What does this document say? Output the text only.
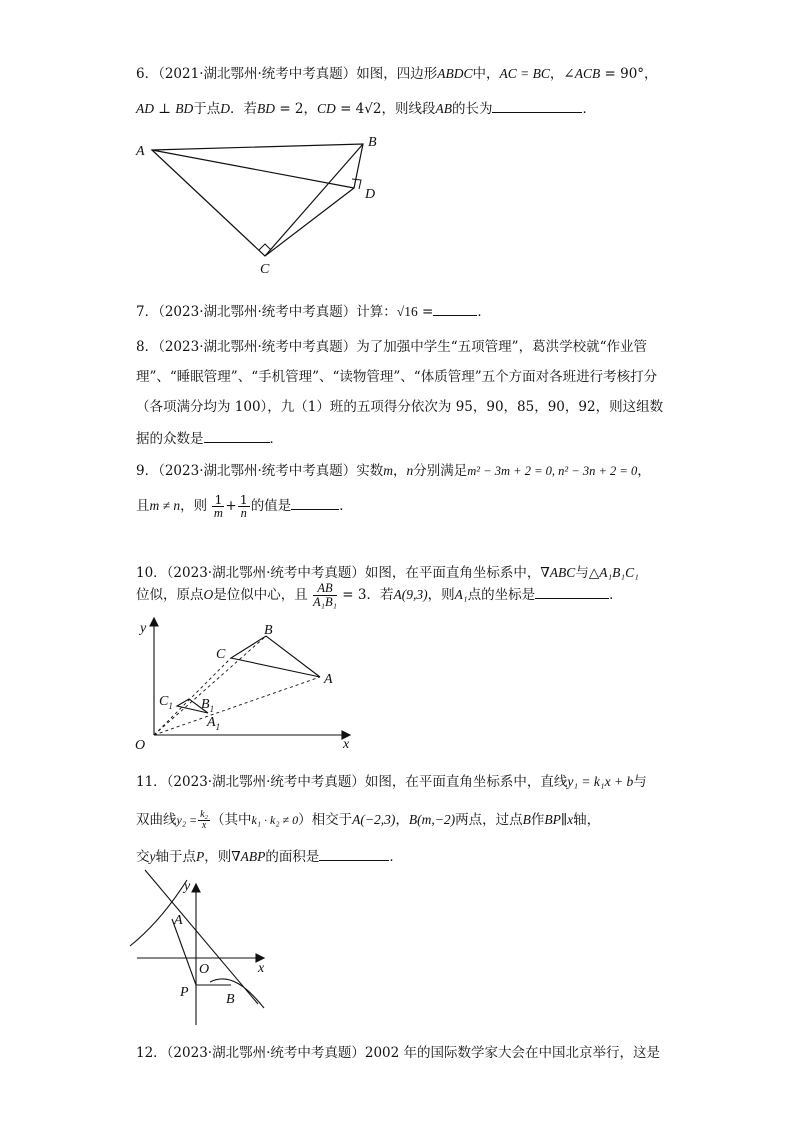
6．（2021·湖北鄂州·统考中考真题）如图，四边形ABDC中，AC = BC，∠ACB = 90°，
AD ⊥ BD于点D．若BD = 2，CD = 4√2，则线段AB的长为	．
A
B
D
C
7．（2023·湖北鄂州·统考中考真题）计算：√16 =	．
8．（2023·湖北鄂州·统考中考真题）为了加强中学生“五项管理”，葛洪学校就“作业管
理”、“睡眠管理”、“手机管理”、“读物管理”、“体质管理”五个方面对各班进行考核打分
（各项满分均为 100），九（1）班的五项得分依次为 95，90，85，90，92，则这组数
据的众数是	．
9．（2023·湖北鄂州·统考中考真题）实数m，n分别满足m² − 3m + 2 = 0, n² − 3n + 2 = 0，
且m ≠ n，则 $\frac{1}{m} + \frac{1}{n}$ 的值是	．
10．（2023·湖北鄂州·统考中考真题）如图，在平面直角坐标系中，∇ABC与△A₁B₁C₁
位似，原点O是位似中心，且 $\frac{AB}{\text{A₁B₁}} = 3$．若A(9,3)，则A₁点的坐标是	．
y
x
O
B
C
A
$C_1$ $B_1$
$A_1$
11．（2023·湖北鄂州·统考中考真题）如图，在平面直角坐标系中，直线y₁ = k₁x + b与
双曲线$y_2 = \frac{\text{k₂}}{x}$ （其中k₁ · k₂ ≠ 0）相交于A(−2,3)，B(m,−2)两点，过点B作BP∥x轴，
交y轴于点P，则∇ABP的面积是	．
y
x
A
O
P	B
12．（2023·湖北鄂州·统考中考真题）2002 年的国际数学家大会在中国北京举行，这是
